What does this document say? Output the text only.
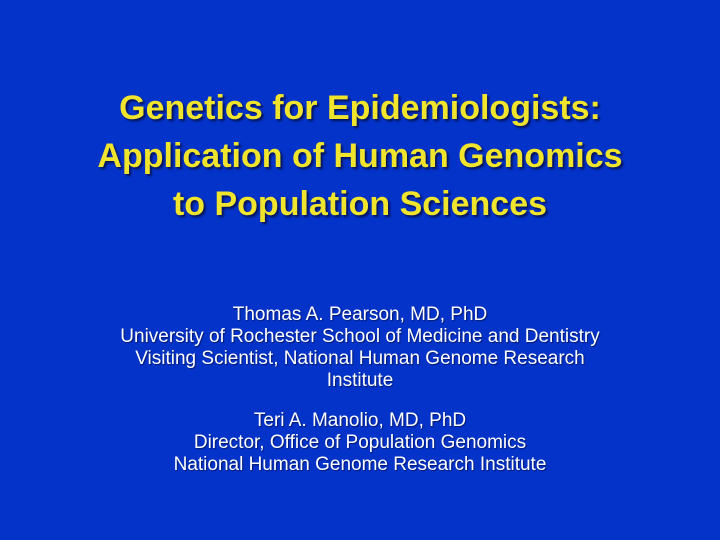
Genetics for Epidemiologists:
Application of Human Genomics
to Population Sciences
Thomas A. Pearson, MD, PhD
University of Rochester School of Medicine and Dentistry
Visiting Scientist, National Human Genome Research
Institute
Teri A. Manolio, MD, PhD
Director, Office of Population Genomics
National Human Genome Research Institute
